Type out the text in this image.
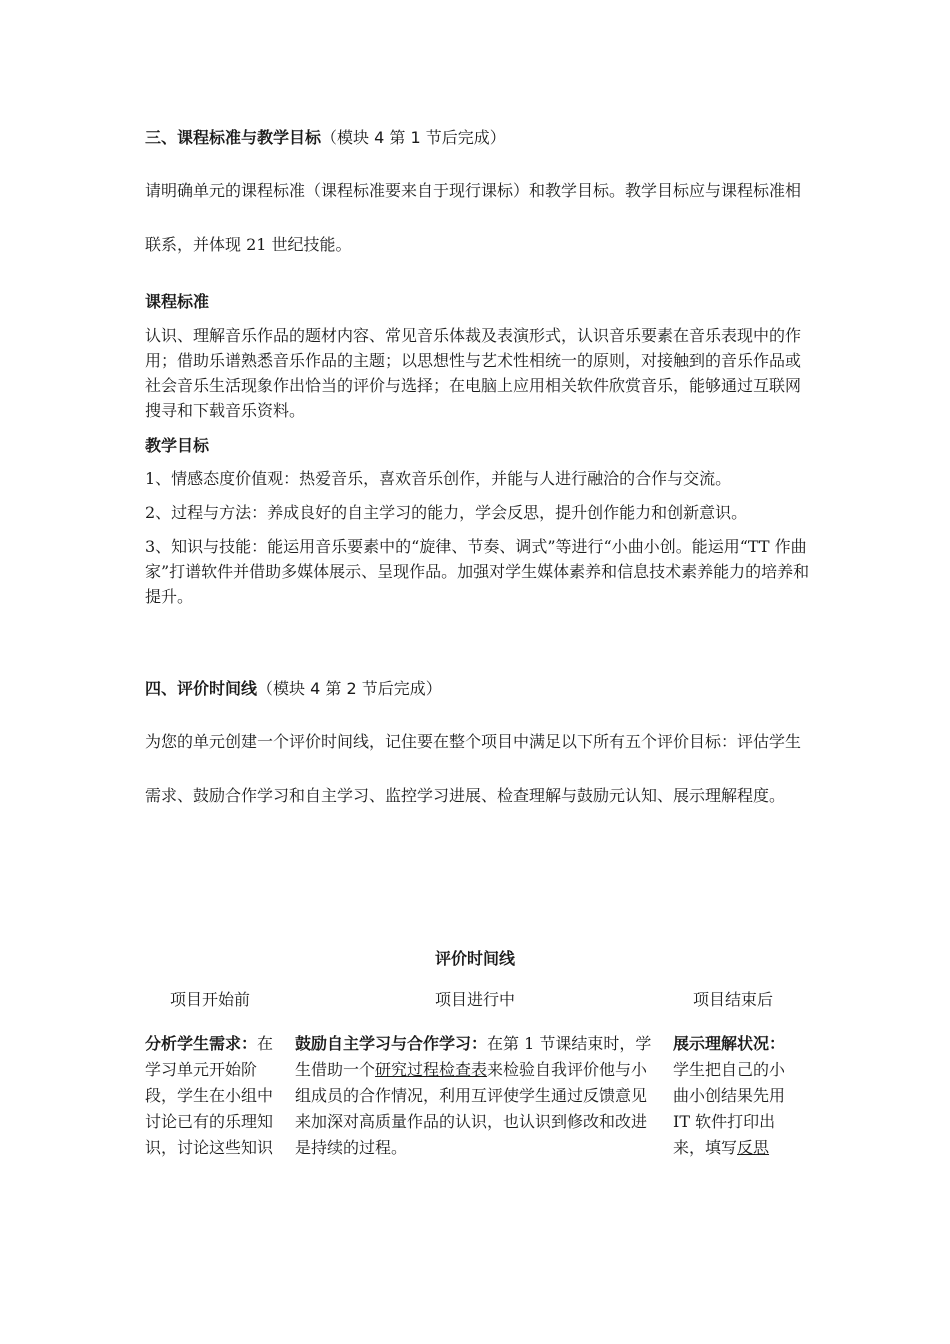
三、课程标准与教学目标（模块 4 第 1 节后完成）
请明确单元的课程标准（课程标准要来自于现行课标）和教学目标。教学目标应与课程标准相联系，并体现 21 世纪技能。
课程标准
认识、理解音乐作品的题材内容、常见音乐体裁及表演形式，认识音乐要素在音乐表现中的作用；借助乐谱熟悉音乐作品的主题；以思想性与艺术性相统一的原则，对接触到的音乐作品或社会音乐生活现象作出恰当的评价与选择；在电脑上应用相关软件欣赏音乐，能够通过互联网搜寻和下载音乐资料。
教学目标

1、情感态度价值观：热爱音乐，喜欢音乐创作，并能与人进行融洽的合作与交流。

2、过程与方法：养成良好的自主学习的能力，学会反思，提升创作能力和创新意识。

3、知识与技能：能运用音乐要素中的“旋律、节奏、调式”等进行“小曲小创。能运用“TT 作曲家”打谱软件并借助多媒体展示、呈现作品。加强对学生媒体素养和信息技术素养能力的培养和提升。

四、评价时间线（模块 4 第 2 节后完成）
为您的单元创建一个评价时间线，记住要在整个项目中满足以下所有五个评价目标：评估学生需求、鼓励合作学习和自主学习、监控学习进展、检查理解与鼓励元认知、展示理解程度。
评价时间线
项目开始前	项目进行中	项目结束后
分析学生需求：在学习单元开始阶段，学生在小组中讨论已有的乐理知识，讨论这些知识
鼓励自主学习与合作学习：在第 1 节课结束时，学生借助一个研究过程检查表来检验自我评价他与小组成员的合作情况，利用互评使学生通过反馈意见来加深对高质量作品的认识，也认识到修改和改进是持续的过程。
展示理解状况：学生把自己的小曲小创结果先用 IT 软件打印出来，填写反思
